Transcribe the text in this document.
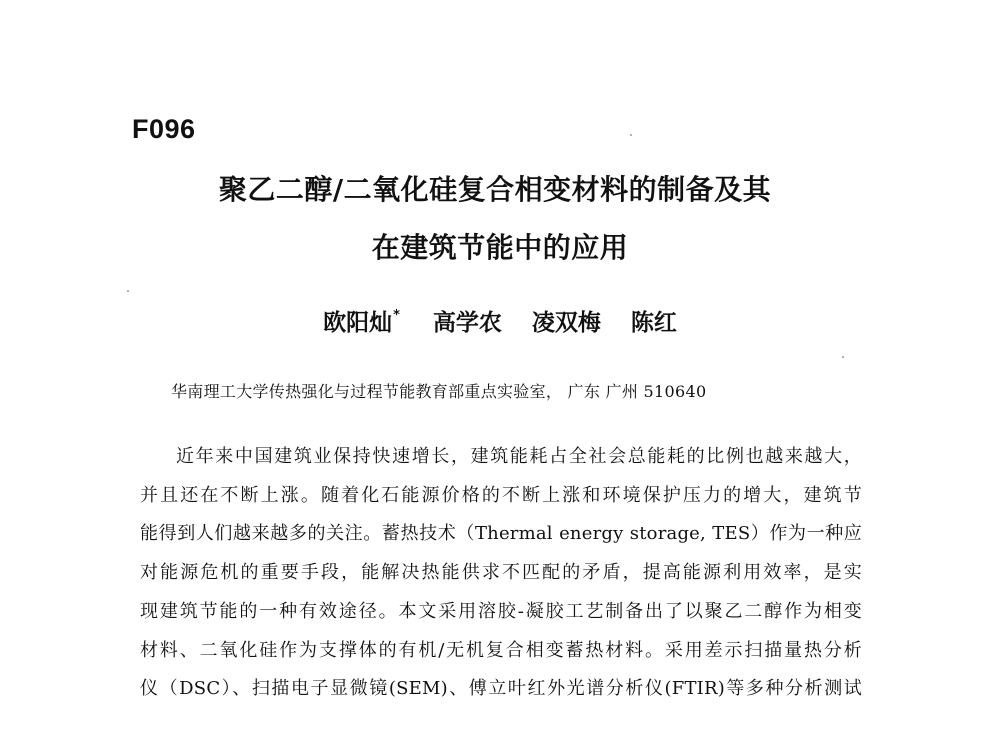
F096
聚乙二醇/二氧化硅复合相变材料的制备及其
在建筑节能中的应用
欧阳灿* 高学农 凌双梅 陈红
华南理工大学传热强化与过程节能教育部重点实验室， 广东 广州 510640
近年来中国建筑业保持快速增长，建筑能耗占全社会总能耗的比例也越来越大，
并且还在不断上涨。随着化石能源价格的不断上涨和环境保护压力的增大，建筑节
能得到人们越来越多的关注。蓄热技术（Thermal energy storage, TES）作为一种应
对能源危机的重要手段，能解决热能供求不匹配的矛盾，提高能源利用效率，是实
现建筑节能的一种有效途径。本文采用溶胶-凝胶工艺制备出了以聚乙二醇作为相变
材料、二氧化硅作为支撑体的有机/无机复合相变蓄热材料。采用差示扫描量热分析
仪（DSC）、扫描电子显微镜(SEM)、傅立叶红外光谱分析仪(FTIR)等多种分析测试
